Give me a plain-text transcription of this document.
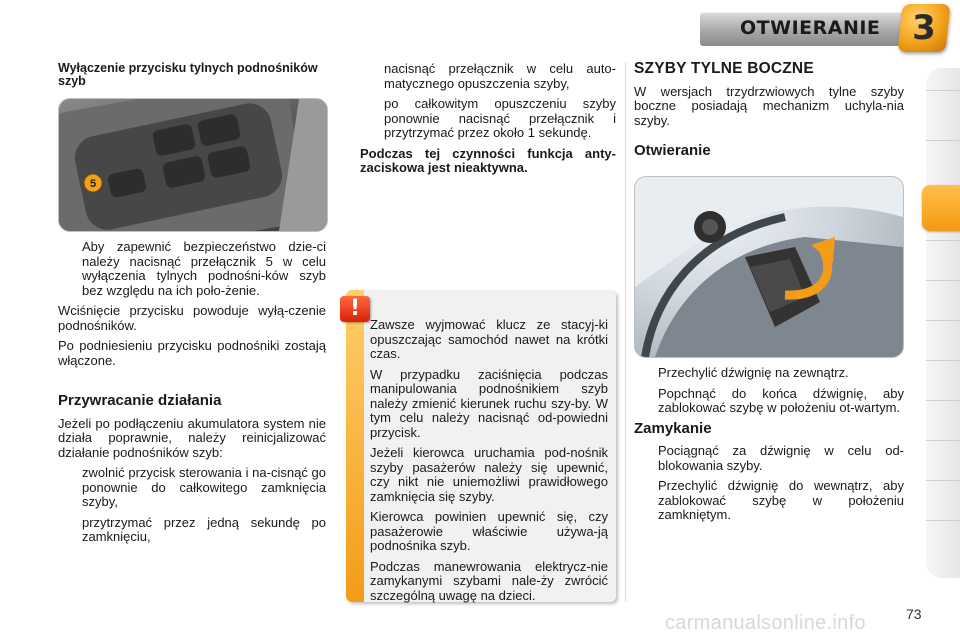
OTWIERANIE 3
Wyłączenie przycisku tylnych podnośników szyb
5
Aby zapewnić bezpieczeństwo dzie-ci należy nacisnąć przełącznik 5 w celu wyłączenia tylnych podnośni-ków szyb bez względu na ich poło-żenie.

Wciśnięcie przycisku powoduje wyłą-czenie podnośników.

Po podniesieniu przycisku podnośniki zostają włączone.

Przywracanie działania

Jeżeli po podłączeniu akumulatora system nie działa poprawnie, należy reinicjalizować działanie podnośników szyb:

zwolnić przycisk sterowania i na-cisnąć go ponownie do całkowitego zamknięcia szyby,
przytrzymać przez jedną sekundę po zamknięciu,
nacisnąć przełącznik w celu auto-matycznego opuszczenia szyby,
po całkowitym opuszczeniu szyby ponownie nacisnąć przełącznik i przytrzymać przez około 1 sekundę.

Podczas tej czynności funkcja anty-zaciskowa jest nieaktywna.

!

Zawsze wyjmować klucz ze stacyj-ki opuszczając samochód nawet na krótki czas.

W przypadku zaciśnięcia podczas manipulowania podnośnikiem szyb należy zmienić kierunek ruchu szy-by. W tym celu należy nacisnąć od-powiedni przycisk.

Jeżeli kierowca uruchamia pod-nośnik szyby pasażerów należy się upewnić, czy nikt nie uniemożliwi prawidłowego zamknięcia się szyby.

Kierowca powinien upewnić się, czy pasażerowie właściwie używa-ją podnośnika szyb.

Podczas manewrowania elektrycz-nie zamykanymi szybami nale-ży zwrócić szczególną uwagę na dzieci.

SZYBY TYLNE BOCZNE

W wersjach trzydrzwiowych tylne szyby boczne posiadają mechanizm uchyla-nia szyby.

Otwieranie
Przechylić dźwignię na zewnątrz.
Popchnąć do końca dźwignię, aby zablokować szybę w położeniu ot-wartym.
Zamykanie
Pociągnąć za dźwignię w celu od-blokowania szyby.
Przechylić dźwignię do wewnątrz, aby zablokować szybę w położeniu zamkniętym.
carmanualsonline.info	73
